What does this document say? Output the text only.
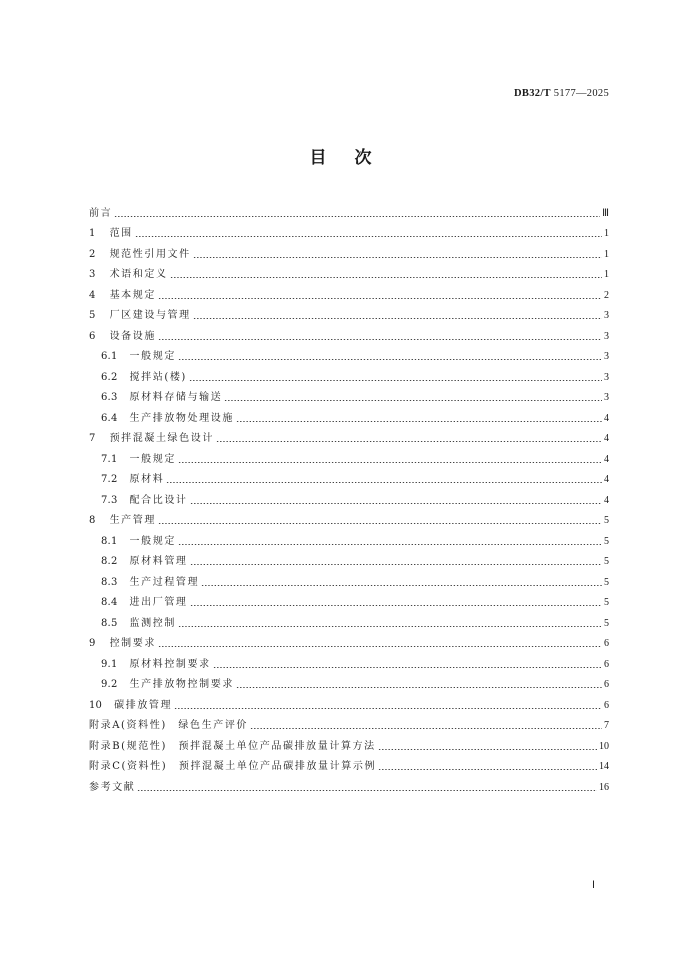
DB32/T 5177—2025
目次
前言	Ⅲ
1 范围	1
2 规范性引用文件	1
3 术语和定义	1
4 基本规定	2
5 厂区建设与管理	3
6 设备设施	3
6.1 一般规定	3
6.2 搅拌站(楼)	3
6.3 原材料存储与输送	3
6.4 生产排放物处理设施	4
7 预拌混凝土绿色设计	4
7.1 一般规定	4
7.2 原材料	4
7.3 配合比设计	4
8 生产管理	5
8.1 一般规定	5
8.2 原材料管理	5
8.3 生产过程管理	5
8.4 进出厂管理	5
8.5 监测控制	5
9 控制要求	6
9.1 原材料控制要求	6
9.2 生产排放物控制要求	6
10 碳排放管理	6
附录A(资料性)　绿色生产评价	7
附录B(规范性)　预拌混凝土单位产品碳排放量计算方法	10
附录C(资料性)　预拌混凝土单位产品碳排放量计算示例	14
参考文献	16
Ⅰ
